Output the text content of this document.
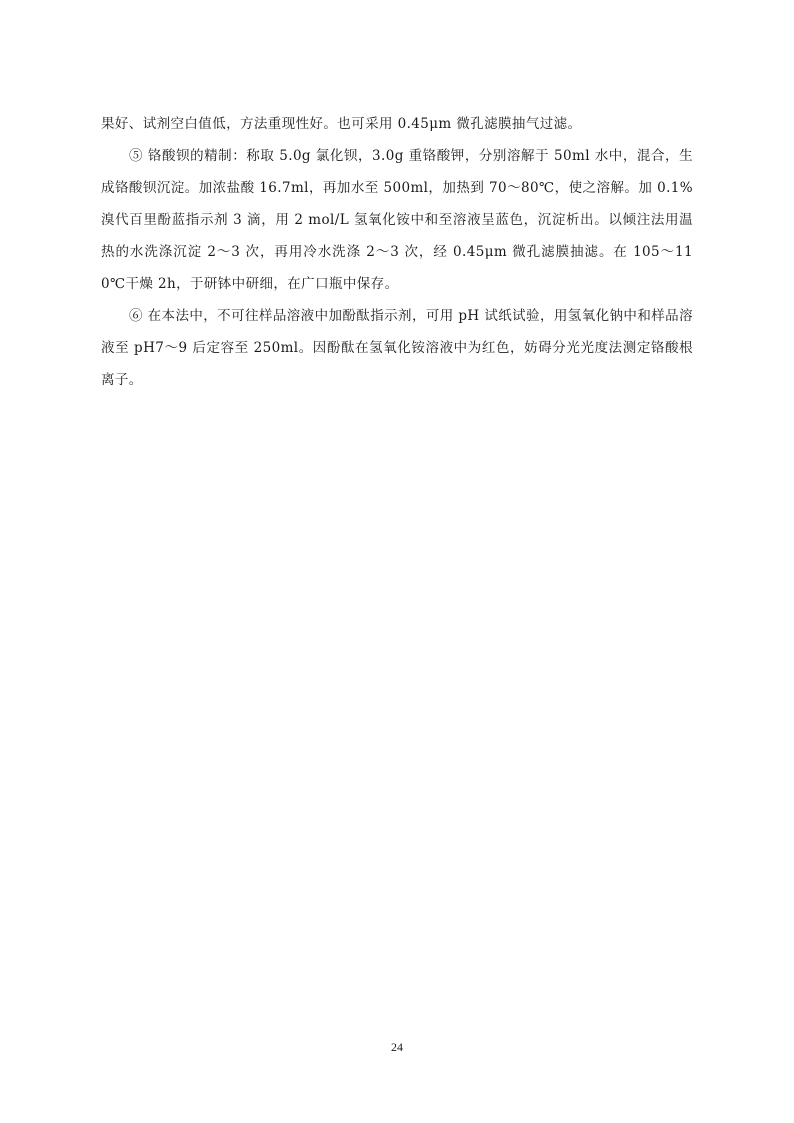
果好、试剂空白值低，方法重现性好。也可采用 0.45μm 微孔滤膜抽气过滤。

⑤ 铬酸钡的精制：称取 5.0g 氯化钡，3.0g 重铬酸钾，分别溶解于 50ml 水中，混合，生成铬酸钡沉淀。加浓盐酸 16.7ml，再加水至 500ml，加热到 70～80℃，使之溶解。加 0.1%溴代百里酚蓝指示剂 3 滴，用 2 mol/L 氢氧化铵中和至溶液呈蓝色，沉淀析出。以倾注法用温热的水洗涤沉淀 2～3 次，再用冷水洗涤 2～3 次，经 0.45μm 微孔滤膜抽滤。在 105～110℃干燥 2h，于研钵中研细，在广口瓶中保存。

⑥ 在本法中，不可往样品溶液中加酚酞指示剂，可用 pH 试纸试验，用氢氧化钠中和样品溶液至 pH7～9 后定容至 250ml。因酚酞在氢氧化铵溶液中为红色，妨碍分光光度法测定铬酸根离子。

24
